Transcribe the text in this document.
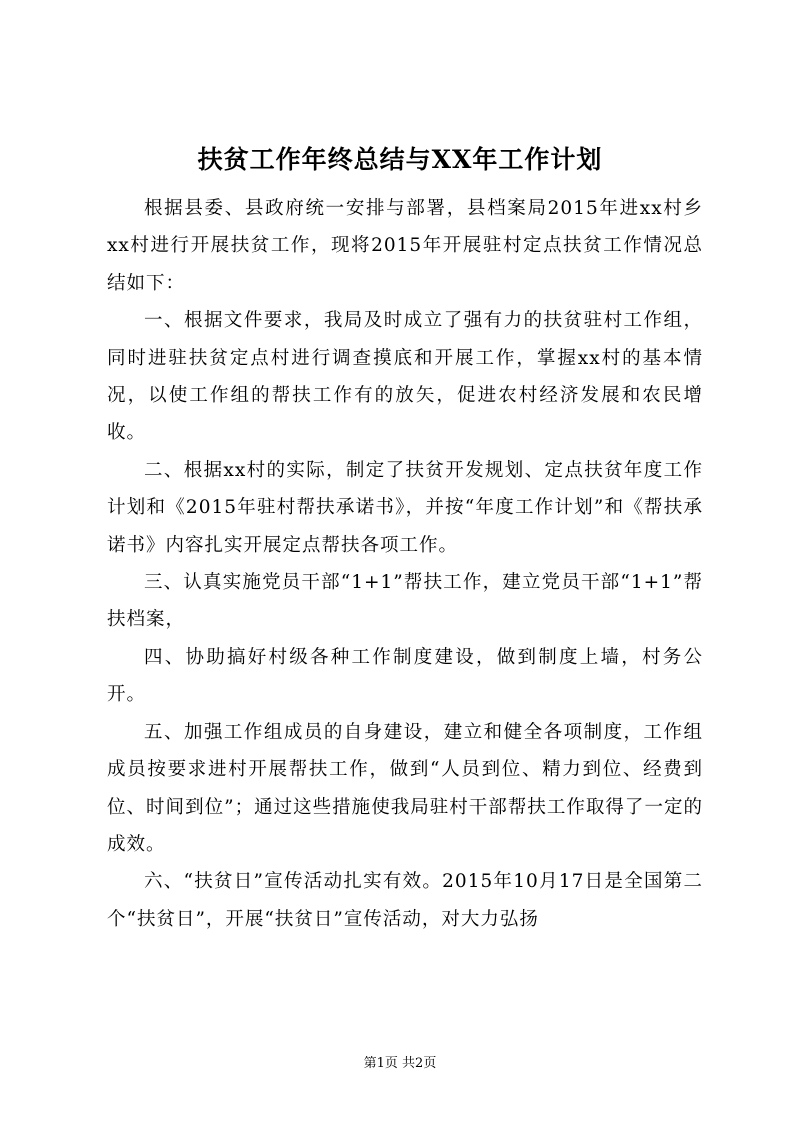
扶贫工作年终总结与XX年工作计划

根据县委、县政府统一安排与部署，县档案局2015年进xx村乡xx村进行开展扶贫工作，现将2015年开展驻村定点扶贫工作情况总结如下：

一、根据文件要求，我局及时成立了强有力的扶贫驻村工作组，同时进驻扶贫定点村进行调查摸底和开展工作，掌握xx村的基本情况，以使工作组的帮扶工作有的放矢，促进农村经济发展和农民增收。

二、根据xx村的实际，制定了扶贫开发规划、定点扶贫年度工作计划和《2015年驻村帮扶承诺书》，并按“年度工作计划”和《帮扶承诺书》内容扎实开展定点帮扶各项工作。

三、认真实施党员干部“1+1”帮扶工作，建立党员干部“1+1”帮扶档案，

四、协助搞好村级各种工作制度建设，做到制度上墙，村务公开。

五、加强工作组成员的自身建设，建立和健全各项制度，工作组成员按要求进村开展帮扶工作，做到“人员到位、精力到位、经费到位、时间到位”；通过这些措施使我局驻村干部帮扶工作取得了一定的成效。

六、“扶贫日”宣传活动扎实有效。2015年10月17日是全国第二个“扶贫日”，开展“扶贫日”宣传活动，对大力弘扬

第1页 共2页
